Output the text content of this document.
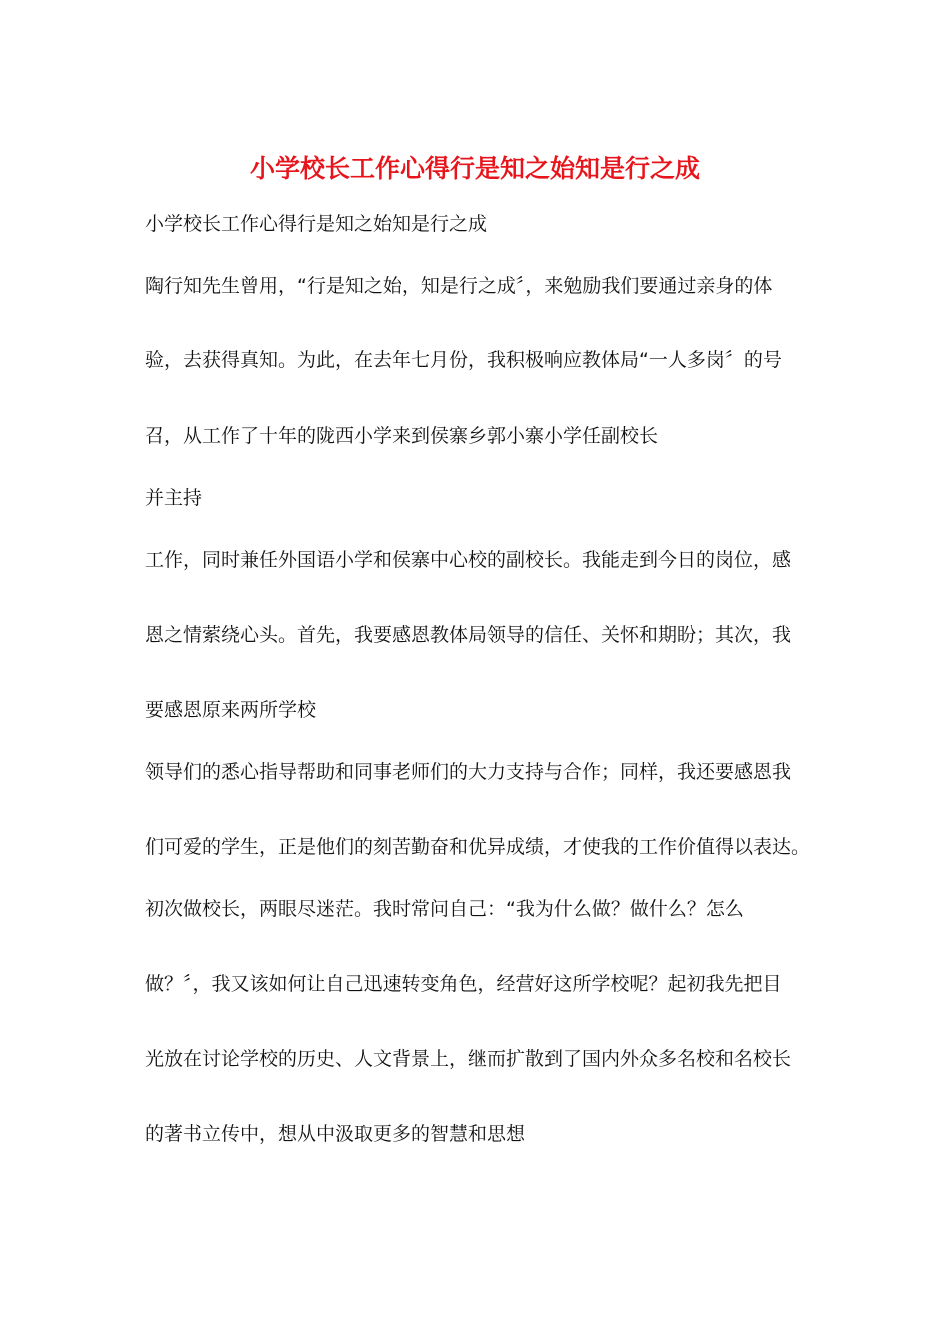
小学校长工作心得行是知之始知是行之成
小学校长工作心得行是知之始知是行之成
陶行知先生曾用，“行是知之始，知是行之成〞，来勉励我们要通过亲身的体
验，去获得真知。为此，在去年七月份，我积极响应教体局“一人多岗〞的号
召，从工作了十年的陇西小学来到侯寨乡郭小寨小学任副校长
并主持
工作，同时兼任外国语小学和侯寨中心校的副校长。我能走到今日的岗位，感
恩之情萦绕心头。首先，我要感恩教体局领导的信任、关怀和期盼；其次，我
要感恩原来两所学校
领导们的悉心指导帮助和同事老师们的大力支持与合作；同样，我还要感恩我
们可爱的学生，正是他们的刻苦勤奋和优异成绩，才使我的工作价值得以表达。
初次做校长，两眼尽迷茫。我时常问自己：“我为什么做？做什么？怎么
做？〞，我又该如何让自己迅速转变角色，经营好这所学校呢？起初我先把目
光放在讨论学校的历史、人文背景上，继而扩散到了国内外众多名校和名校长
的著书立传中，想从中汲取更多的智慧和思想
